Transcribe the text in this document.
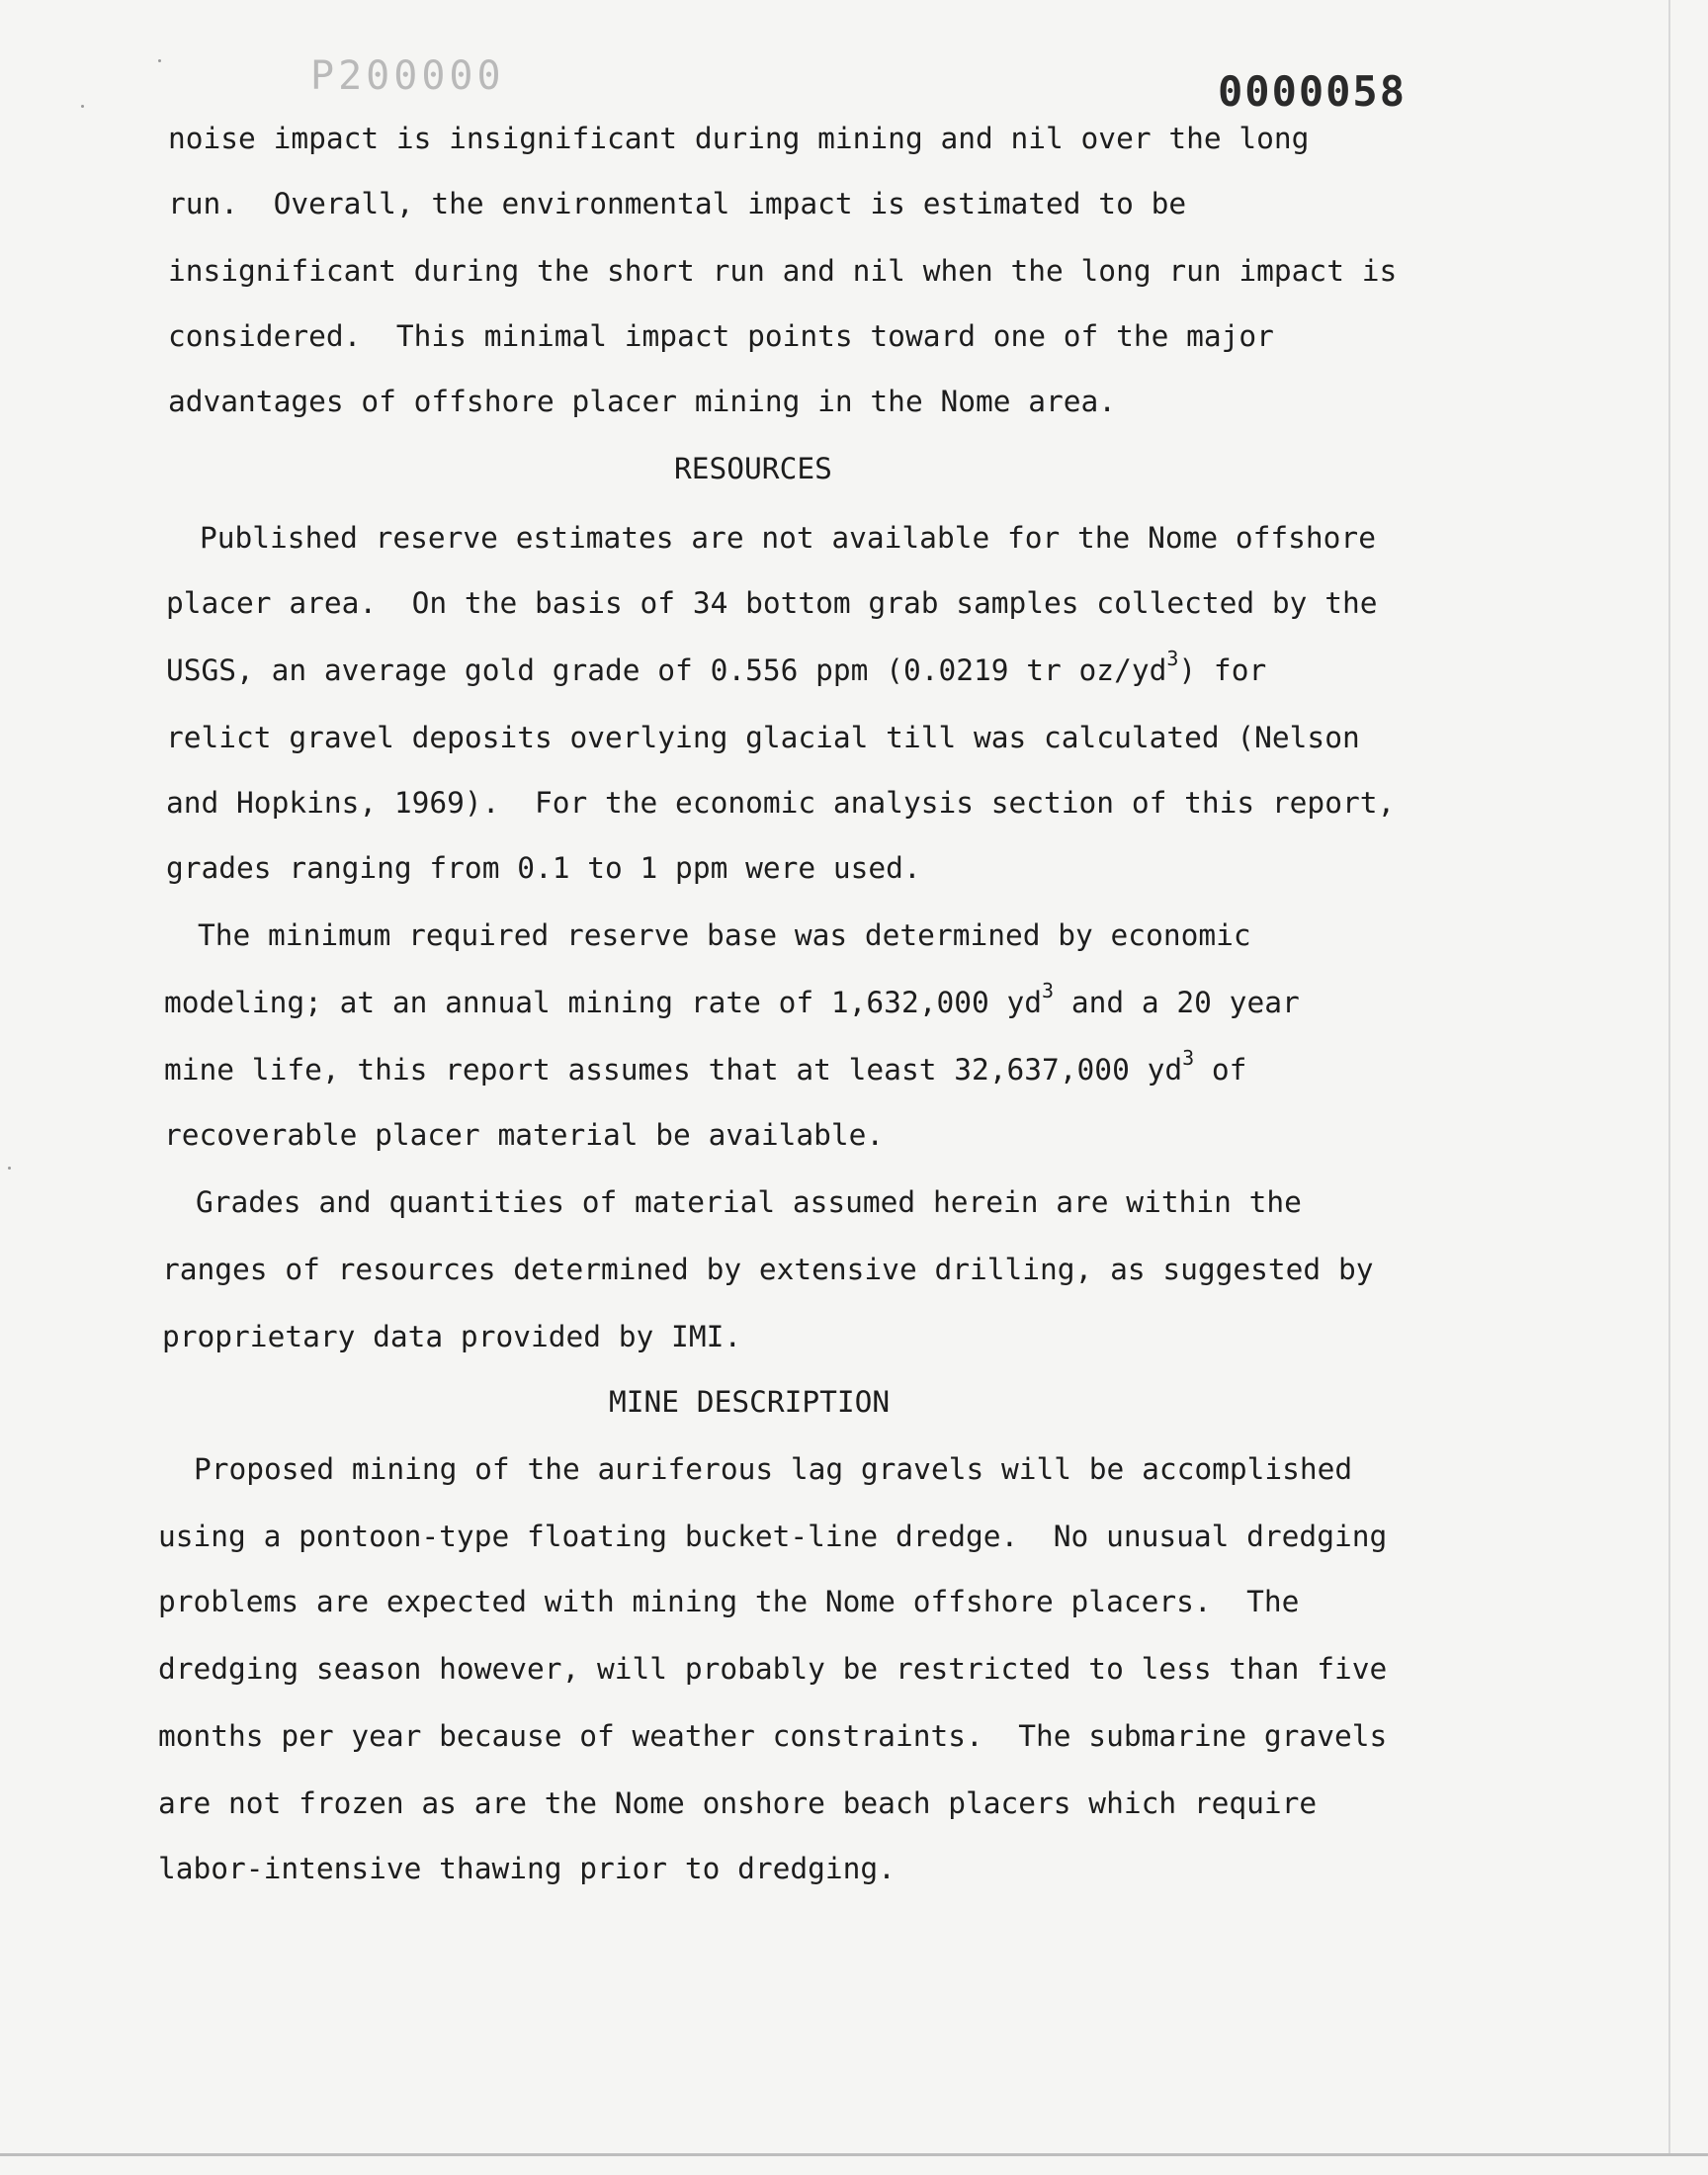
P200000	0000058
noise impact is insignificant during mining and nil over the long
run.  Overall, the environmental impact is estimated to be
insignificant during the short run and nil when the long run impact is
considered.  This minimal impact points toward one of the major
advantages of offshore placer mining in the Nome area.
RESOURCES
Published reserve estimates are not available for the Nome offshore
placer area.  On the basis of 34 bottom grab samples collected by the
USGS, an average gold grade of 0.556 ppm (0.0219 tr $oz/yd^3$) for
relict gravel deposits overlying glacial till was calculated (Nelson
and Hopkins, 1969).  For the economic analysis section of this report,
grades ranging from 0.1 to 1 ppm were used.
The minimum required reserve base was determined by economic
modeling; at an annual mining rate of 1,632,000 $yd^3$ and a 20 year
mine life, this report assumes that at least 32,637,000 $yd^3$ of
recoverable placer material be available.
Grades and quantities of material assumed herein are within the
ranges of resources determined by extensive drilling, as suggested by
proprietary data provided by IMI.
MINE DESCRIPTION
Proposed mining of the auriferous lag gravels will be accomplished
using a pontoon-type floating bucket-line dredge.  No unusual dredging
problems are expected with mining the Nome offshore placers.  The
dredging season however, will probably be restricted to less than five
months per year because of weather constraints.  The submarine gravels
are not frozen as are the Nome onshore beach placers which require
labor-intensive thawing prior to dredging.
